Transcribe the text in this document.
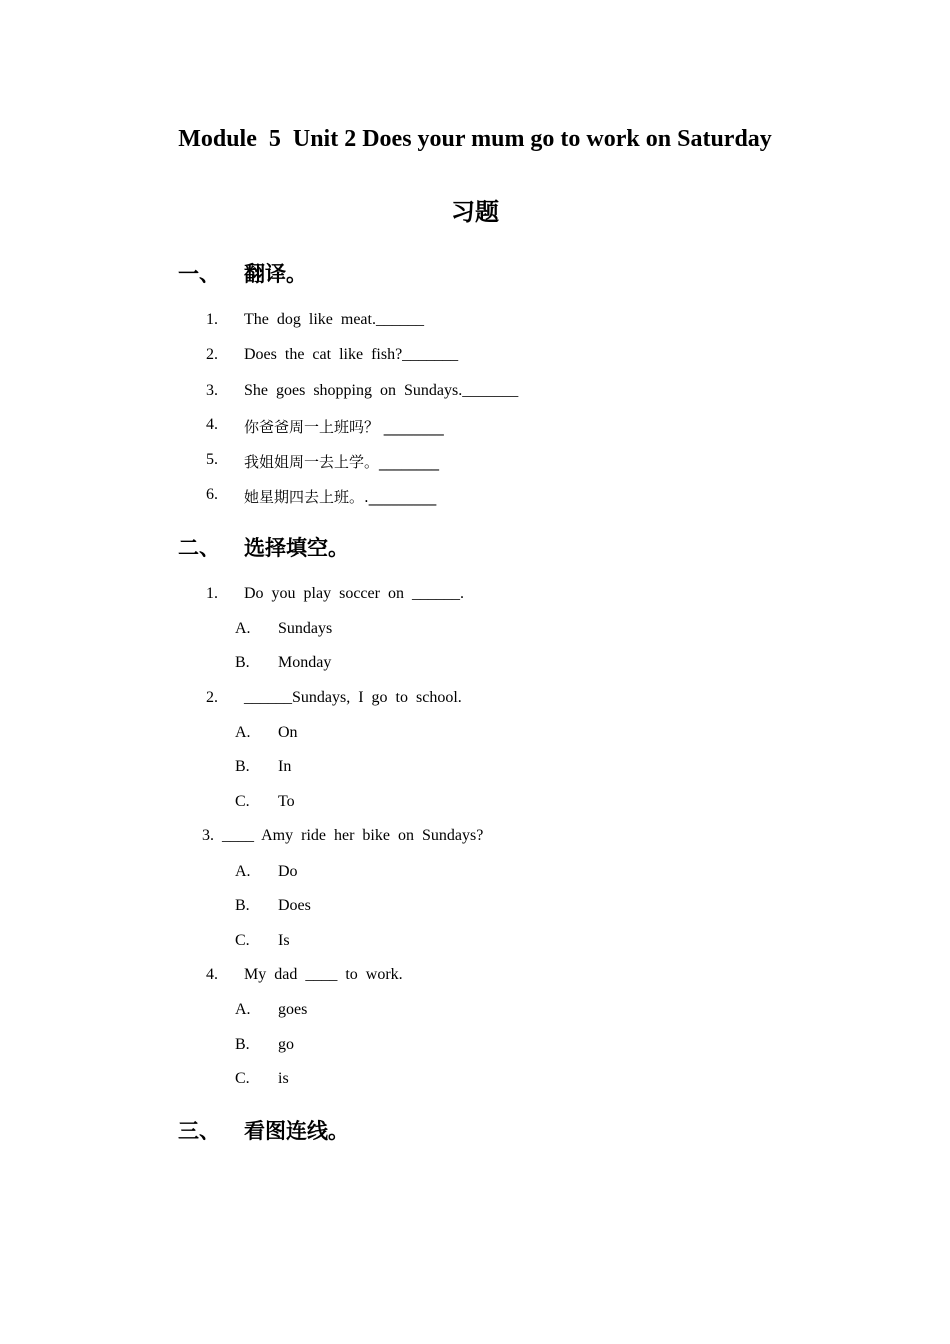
Module  5  Unit 2 Does your mum go to work on Saturday
习题
一、 翻译。
1. The  dog  like  meat.______
2. Does  the  cat  like  fish?_______
3. She  goes  shopping  on  Sundays._______
4. 你爸爸周一上班吗？ ________
5. 我姐姐周一去上学。________
6. 她星期四去上班。._________
二、 选择填空。
1. Do  you  play  soccer  on  ______.
A. Sundays
B. Monday
2. ______Sundays,  I  go  to  school.
A. On
B. In
C. To
3. ____  Amy  ride  her  bike  on  Sundays?
A. Do
B. Does
C. Is
4. My  dad  ____  to  work.
A. goes
B. go
C. is
三、 看图连线。
